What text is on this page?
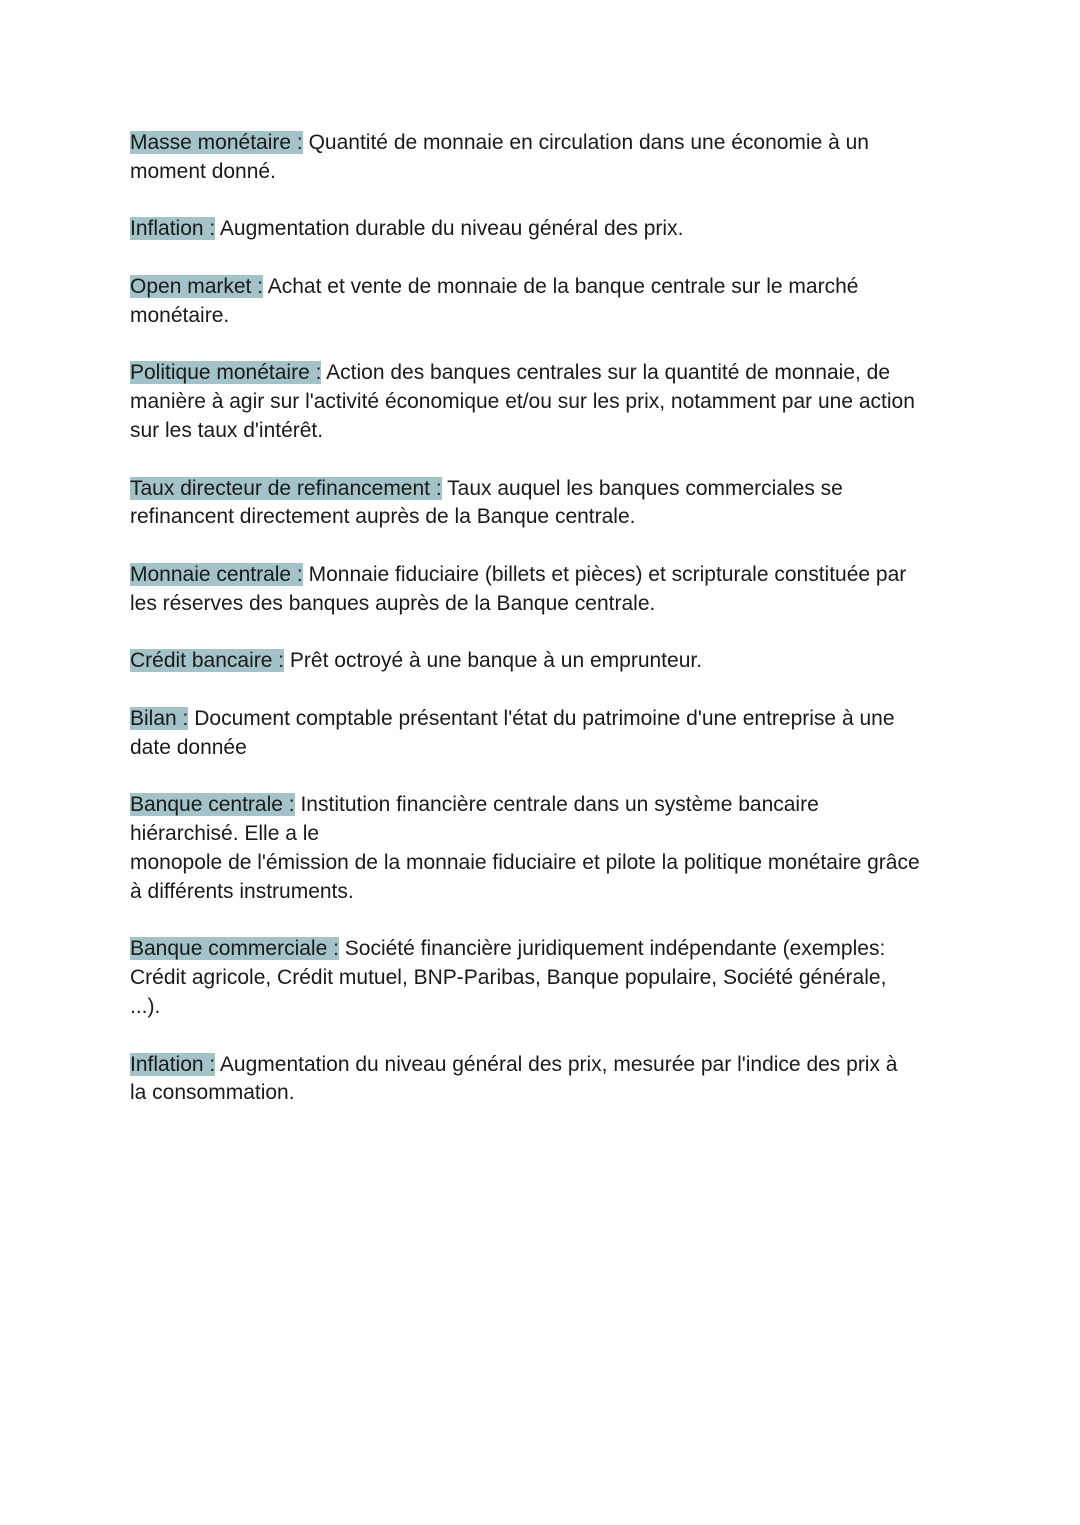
Masse monétaire : Quantité de monnaie en circulation dans une économie à un
moment donné.

Inflation : Augmentation durable du niveau général des prix.

Open market : Achat et vente de monnaie de la banque centrale sur le marché
monétaire.

Politique monétaire : Action des banques centrales sur la quantité de monnaie, de
manière à agir sur l'activité économique et/ou sur les prix, notamment par une action
sur les taux d'intérêt.

Taux directeur de refinancement : Taux auquel les banques commerciales se
refinancent directement auprès de la Banque centrale.

Monnaie centrale : Monnaie fiduciaire (billets et pièces) et scripturale constituée par
les réserves des banques auprès de la Banque centrale.

Crédit bancaire : Prêt octroyé à une banque à un emprunteur.

Bilan : Document comptable présentant l'état du patrimoine d'une entreprise à une
date donnée

Banque centrale : Institution financière centrale dans un système bancaire
hiérarchisé. Elle a le
monopole de l'émission de la monnaie fiduciaire et pilote la politique monétaire grâce
à différents instruments.

Banque commerciale : Société financière juridiquement indépendante (exemples:
Crédit agricole, Crédit mutuel, BNP-Paribas, Banque populaire, Société générale,
...).

Inflation : Augmentation du niveau général des prix, mesurée par l'indice des prix à
la consommation.
